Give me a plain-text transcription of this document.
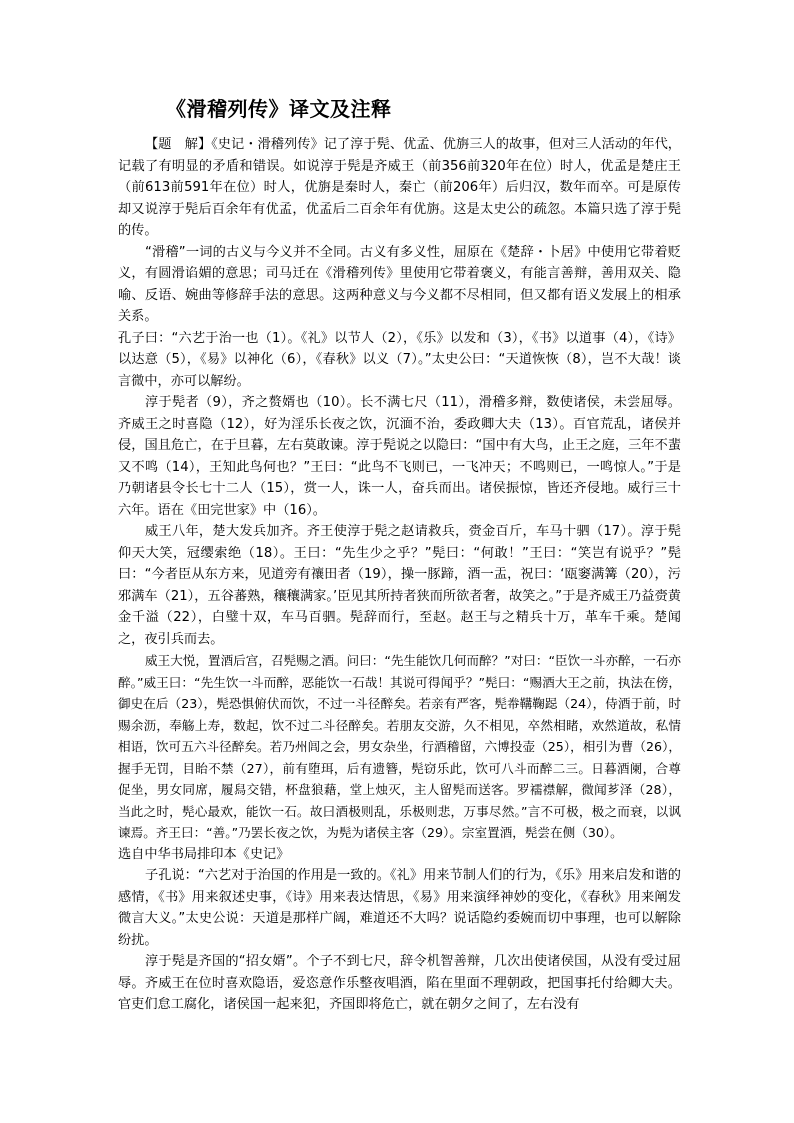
《滑稽列传》译文及注释

【题　解】《史记・滑稽列传》记了淳于髡、优孟、优旃三人的故事，但对三人活动的年代，记载了有明显的矛盾和错误。如说淳于髡是齐威王（前356前320年在位）时人，优孟是楚庄王（前613前591年在位）时人，优旃是秦时人，秦亡（前206年）后归汉，数年而卒。可是原传却又说淳于髡后百余年有优孟，优孟后二百余年有优旃。这是太史公的疏忽。本篇只选了淳于髡的传。

“滑稽”一词的古义与今义并不全同。古义有多义性，屈原在《楚辞・卜居》中使用它带着贬义，有圆滑谄媚的意思；司马迁在《滑稽列传》里使用它带着褒义，有能言善辩，善用双关、隐喻、反语、婉曲等修辞手法的意思。这两种意义与今义都不尽相同，但又都有语义发展上的相承关系。

孔子曰：“六艺于治一也（1）。《礼》以节人（2），《乐》以发和（3），《书》以道事（4），《诗》以达意（5），《易》以神化（6），《春秋》以义（7）。”太史公曰：“天道恢恢（8），岂不大哉！谈言微中，亦可以解纷。

淳于髡者（9），齐之赘婿也（10）。长不满七尺（11），滑稽多辩，数使诸侯，未尝屈辱。齐威王之时喜隐（12），好为淫乐长夜之饮，沉湎不治，委政卿大夫（13）。百官荒乱，诸侯并侵，国且危亡，在于旦暮，左右莫敢谏。淳于髡说之以隐曰：“国中有大鸟，止王之庭，三年不蜚又不鸣（14），王知此鸟何也？”王曰：“此鸟不飞则已，一飞冲天；不鸣则已，一鸣惊人。”于是乃朝诸县令长七十二人（15），赏一人，诛一人，奋兵而出。诸侯振惊，皆还齐侵地。威行三十六年。语在《田完世家》中（16）。

威王八年，楚大发兵加齐。齐王使淳于髡之赵请救兵，赍金百斤，车马十驷（17）。淳于髡仰天大笑，冠缨索绝（18）。王曰：“先生少之乎？”髡曰：“何敢！”王曰：“笑岂有说乎？”髡曰：“今者臣从东方来，见道旁有禳田者（19），操一豚蹄，酒一盂，祝曰：‘瓯窭满篝（20），污邪满车（21），五谷蕃熟，穰穰满家。’臣见其所持者狭而所欲者奢，故笑之。”于是齐威王乃益赍黄金千溢（22），白璧十双，车马百驷。髡辞而行，至赵。赵王与之精兵十万，革车千乘。楚闻之，夜引兵而去。

威王大悦，置酒后宫，召髡赐之酒。问曰：“先生能饮几何而醉？”对曰：“臣饮一斗亦醉，一石亦醉。”威王曰：“先生饮一斗而醉，恶能饮一石哉！其说可得闻乎？”髡曰：“赐酒大王之前，执法在傍，御史在后（23），髡恐惧俯伏而饮，不过一斗径醉矣。若亲有严客，髡帣鞲鞠跽（24），侍酒于前，时赐余沥，奉觞上寿，数起，饮不过二斗径醉矣。若朋友交游，久不相见，卒然相睹，欢然道故，私情相语，饮可五六斗径醉矣。若乃州闾之会，男女杂坐，行酒稽留，六博投壶（25），相引为曹（26），握手无罚，目眙不禁（27），前有堕珥，后有遗簪，髡窃乐此，饮可八斗而醉二三。日暮酒阑，合尊促坐，男女同席，履舄交错，杯盘狼藉，堂上烛灭，主人留髡而送客。罗襦襟解，微闻芗泽（28），当此之时，髡心最欢，能饮一石。故曰酒极则乱，乐极则悲，万事尽然。”言不可极，极之而衰，以讽谏焉。齐王曰：“善。”乃罢长夜之饮，为髡为诸侯主客（29）。宗室置酒，髡尝在侧（30）。

选自中华书局排印本《史记》

子孔说：“六艺对于治国的作用是一致的。《礼》用来节制人们的行为，《乐》用来启发和谐的感情，《书》用来叙述史事，《诗》用来表达情思，《易》用来演绎神妙的变化，《春秋》用来阐发微言大义。”太史公说：天道是那样广阔，难道还不大吗？说话隐约委婉而切中事理，也可以解除纷扰。

淳于髡是齐国的“招女婿”。个子不到七尺，辞令机智善辩，几次出使诸侯国，从没有受过屈辱。齐威王在位时喜欢隐语，爱恣意作乐整夜唱酒，陷在里面不理朝政，把国事托付给卿大夫。官吏们怠工腐化，诸侯国一起来犯，齐国即将危亡，就在朝夕之间了，左右没有
